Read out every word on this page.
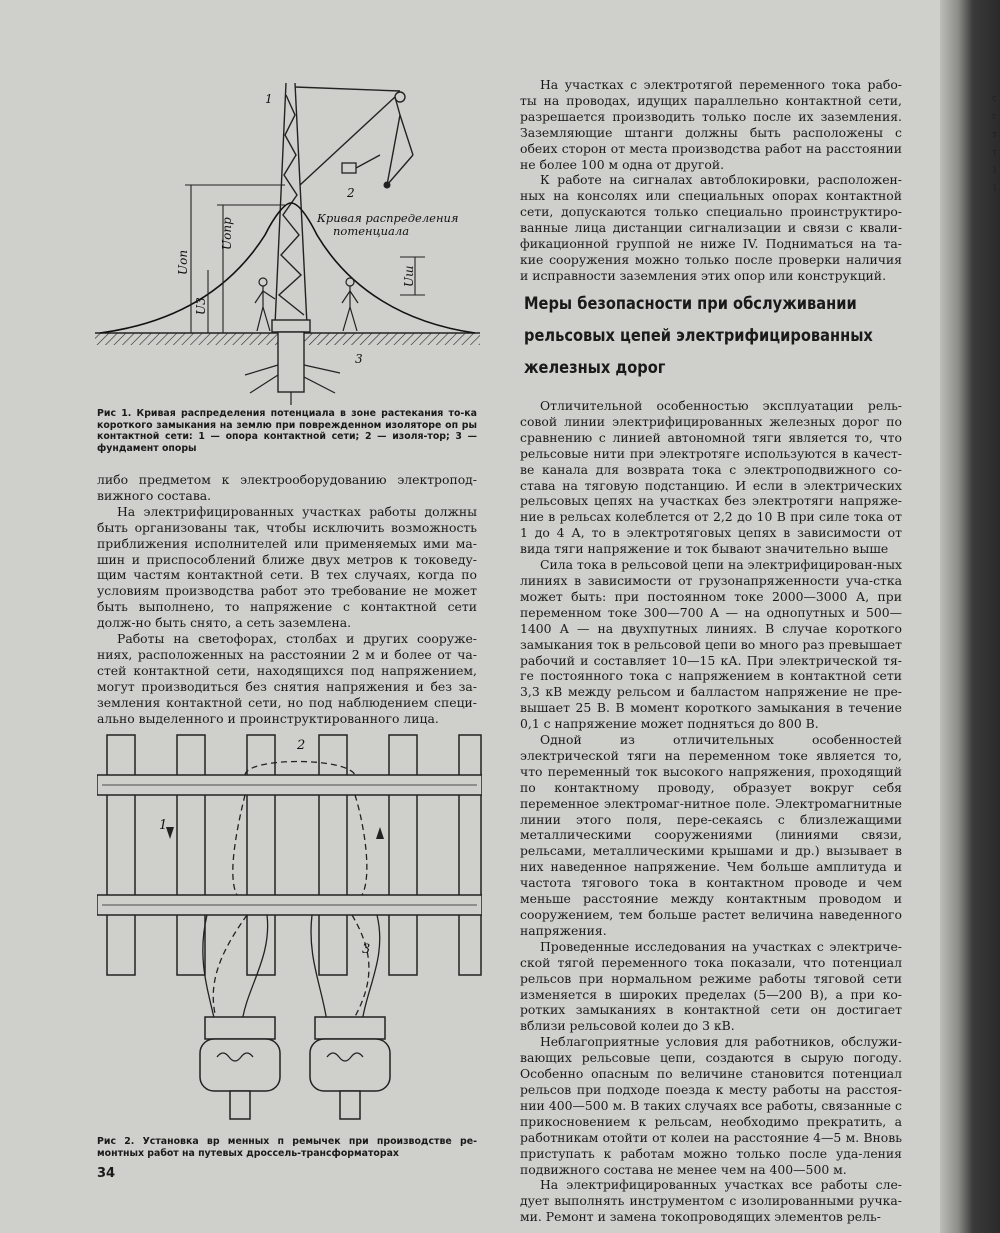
с
г
т
т
1
1
1
2
3
Кривая распределения
потенциала
Uоп
Uопр
U3
Uш
Рис 1. Кривая распределения потенциала в зоне растекания то-ка короткого замыкания на землю при поврежденном изоляторе оп ры контактной сети: 1 — опора контактной сети; 2 — изоля-тор; 3 — фундамент опоры

либо предметом к электрооборудованию электропод-вижного состава.

На электрифицированных участках работы должны быть организованы так, чтобы исключить возможность приближения исполнителей или применяемых ими ма-шин и приспособлений ближе двух метров к токоведу-щим частям контактной сети. В тех случаях, когда по условиям производства работ это требование не может быть выполнено, то напряжение с контактной сети долж-но быть снято, а сеть заземлена.

Работы на светофорах, столбах и других сооруже-ниях, расположенных на расстоянии 2 м и более от ча-стей контактной сети, находящихся под напряжением, могут производиться без снятия напряжения и без за-земления контактной сети, но под наблюдением специ-ально выделенного и проинструктированного лица.

1
2
3
Рис 2. Установка вр менных п ремычек при производстве ре-монтных работ на путевых дроссель-трансформаторах
34

На участках с электротягой переменного тока рабо-ты на проводах, идущих параллельно контактной сети, разрешается производить только после их заземления. Заземляющие штанги должны быть расположены с обеих сторон от места производства работ на расстоянии не более 100 м одна от другой.

К работе на сигналах автоблокировки, расположен-ных на консолях или специальных опорах контактной сети, допускаются только специально проинструктиро-ванные лица дистанции сигнализации и связи с квали-фикационной группой не ниже IV. Подниматься на та-кие сооружения можно только после проверки наличия и исправности заземления этих опор или конструкций.

Меры безопасности при обслуживании
рельсовых цепей электрифицированных
железных дорог

Отличительной особенностью эксплуатации рель-совой линии электрифицированных железных дорог по сравнению с линией автономной тяги является то, что рельсовые нити при электротяге используются в качест-ве канала для возврата тока с электроподвижного со-става на тяговую подстанцию. И если в электрических рельсовых цепях на участках без электротяги напряже-ние в рельсах колеблется от 2,2 до 10 В при силе тока от 1 до 4 А, то в электротяговых цепях в зависимости от вида тяги напряжение и ток бывают значительно выше

Сила тока в рельсовой цепи на электрифицирован-ных линиях в зависимости от грузонапряженности уча-стка может быть: при постоянном токе 2000—3000 А, при переменном токе 300—700 А — на однопутных и 500—1400 А — на двухпутных линиях. В случае короткого замыкания ток в рельсовой цепи во много раз превышает рабочий и составляет 10—15 кА. При электрической тя-ге постоянного тока с напряжением в контактной сети 3,3 кВ между рельсом и балластом напряжение не пре-вышает 25 В. В момент короткого замыкания в течение 0,1 с напряжение может подняться до 800 В.

Одной из отличительных особенностей электрической тяги на переменном токе является то, что переменный ток высокого напряжения, проходящий по контактному проводу, образует вокруг себя переменное электромаг-нитное поле. Электромагнитные линии этого поля, пере-секаясь с близлежащими металлическими сооружениями (линиями связи, рельсами, металлическими крышами и др.) вызывает в них наведенное напряжение. Чем больше амплитуда и частота тягового тока в контактном проводе и чем меньше расстояние между контактным проводом и сооружением, тем больше растет величина наведенного напряжения.

Проведенные исследования на участках с электриче-ской тягой переменного тока показали, что потенциал рельсов при нормальном режиме работы тяговой сети изменяется в широких пределах (5—200 В), а при ко-ротких замыканиях в контактной сети он достигает вблизи рельсовой колеи до 3 кВ.

Неблагоприятные условия для работников, обслужи-вающих рельсовые цепи, создаются в сырую погоду. Особенно опасным по величине становится потенциал рельсов при подходе поезда к месту работы на расстоя-нии 400—500 м. В таких случаях все работы, связанные с прикосновением к рельсам, необходимо прекратить, а работникам отойти от колеи на расстояние 4—5 м. Вновь приступать к работам можно только после уда-ления подвижного состава не менее чем на 400—500 м.

На электрифицированных участках все работы сле-дует выполнять инструментом с изолированными ручка-ми. Ремонт и замена токопроводящих элементов рель-
